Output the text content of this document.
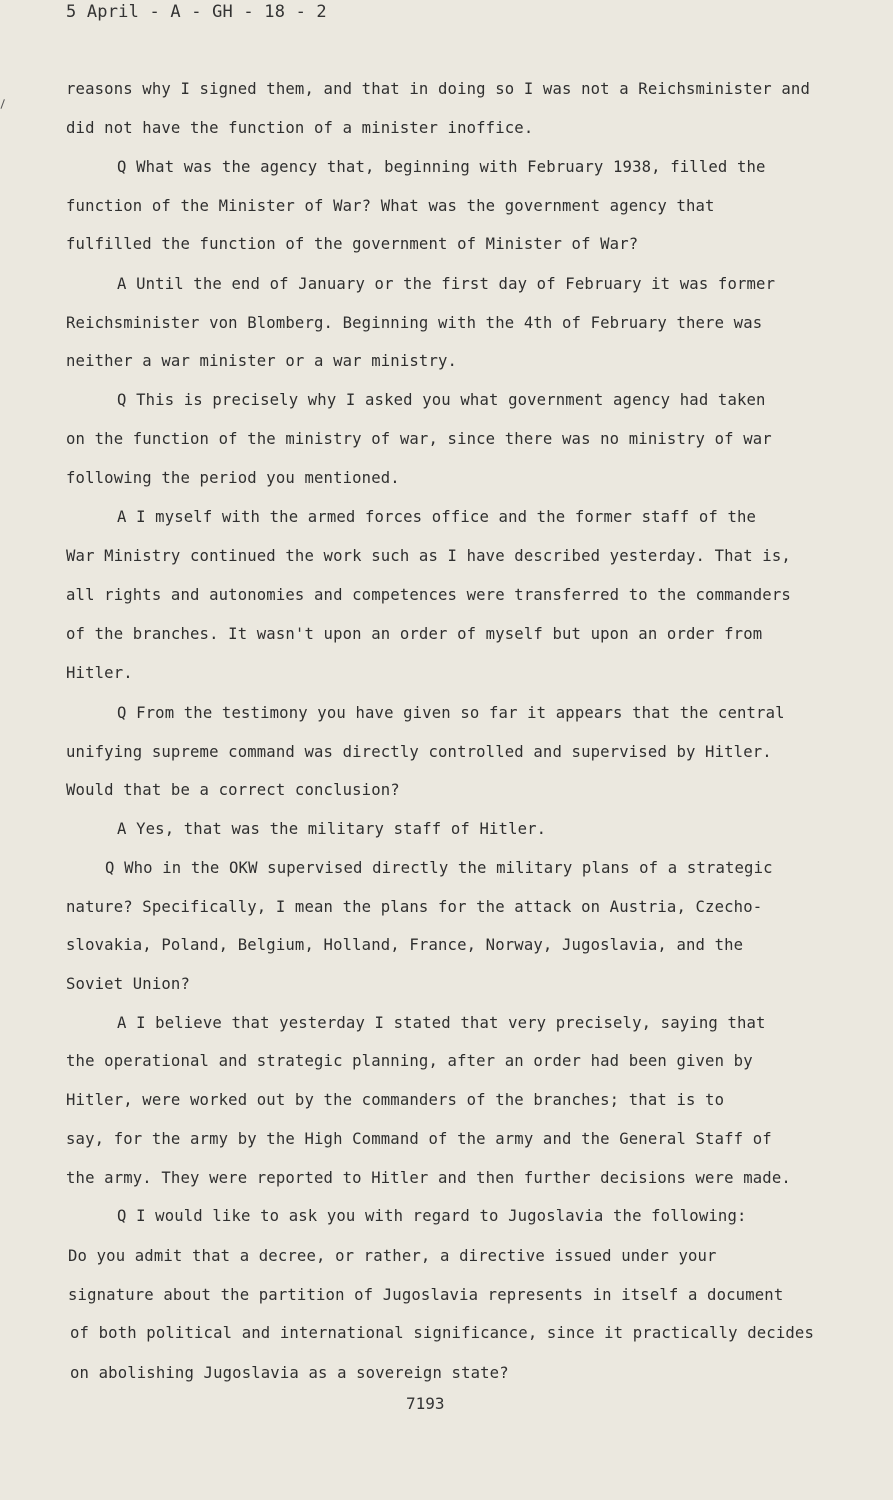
5 April - A - GH - 18 - 2
reasons why I signed them, and that in doing so I was not a Reichsminister and
did not have the function of a minister inoffice.
Q What was the agency that, beginning with February 1938, filled the
function of the Minister of War? What was the government agency that
fulfilled the function of the government of Minister of War?
A Until the end of January or the first day of February it was former
Reichsminister von Blomberg. Beginning with the 4th of February there was
neither a war minister or a war ministry.
Q This is precisely why I asked you what government agency had taken
on the function of the ministry of war, since there was no ministry of war
following the period you mentioned.
A I myself with the armed forces office and the former staff of the
War Ministry continued the work such as I have described yesterday. That is,
all rights and autonomies and competences were transferred to the commanders
of the branches. It wasn't upon an order of myself but upon an order from
Hitler.
Q From the testimony you have given so far it appears that the central
unifying supreme command was directly controlled and supervised by Hitler.
Would that be a correct conclusion?
A Yes, that was the military staff of Hitler.
Q Who in the OKW supervised directly the military plans of a strategic
nature? Specifically, I mean the plans for the attack on Austria, Czecho-
slovakia, Poland, Belgium, Holland, France, Norway, Jugoslavia, and the
Soviet Union?
A I believe that yesterday I stated that very precisely, saying that
the operational and strategic planning, after an order had been given by
Hitler, were worked out by the commanders of the branches; that is to
say, for the army by the High Command of the army and the General Staff of
the army. They were reported to Hitler and then further decisions were made.
Q I would like to ask you with regard to Jugoslavia the following:
Do you admit that a decree, or rather, a directive issued under your
signature about the partition of Jugoslavia represents in itself a document
of both political and international significance, since it practically decides
on abolishing Jugoslavia as a sovereign state?
7193
